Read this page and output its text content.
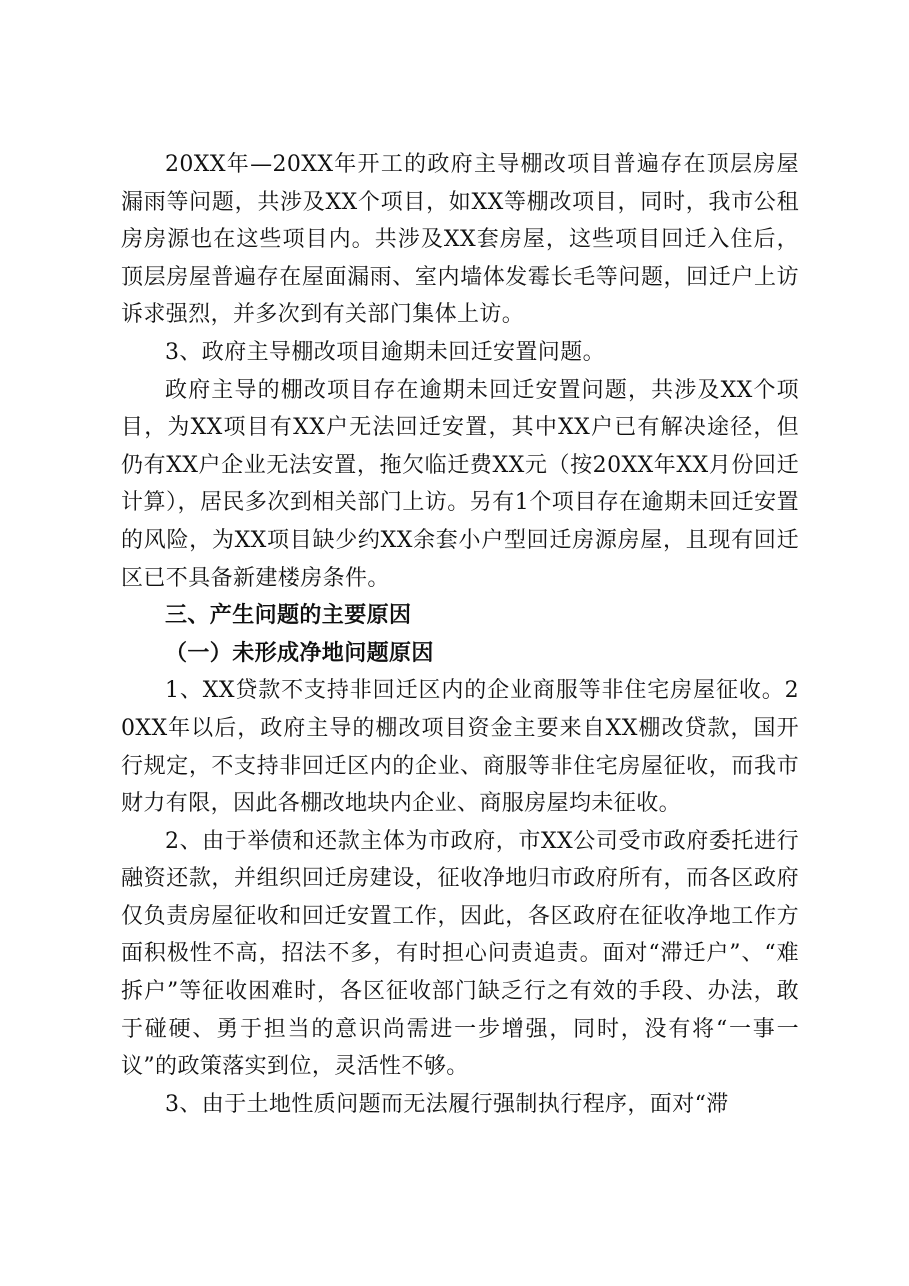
20XX年—20XX年开工的政府主导棚改项目普遍存在顶层房屋漏雨等问题，共涉及XX个项目，如XX等棚改项目，同时，我市公租房房源也在这些项目内。共涉及XX套房屋，这些项目回迁入住后，顶层房屋普遍存在屋面漏雨、室内墙体发霉长毛等问题，回迁户上访诉求强烈，并多次到有关部门集体上访。

3、政府主导棚改项目逾期未回迁安置问题。

政府主导的棚改项目存在逾期未回迁安置问题，共涉及XX个项目，为XX项目有XX户无法回迁安置，其中XX户已有解决途径，但仍有XX户企业无法安置，拖欠临迁费XX元（按20XX年XX月份回迁计算），居民多次到相关部门上访。另有1个项目存在逾期未回迁安置的风险，为XX项目缺少约XX余套小户型回迁房源房屋，且现有回迁区已不具备新建楼房条件。

三、产生问题的主要原因

（一）未形成净地问题原因

1、XX贷款不支持非回迁区内的企业商服等非住宅房屋征收。20XX年以后，政府主导的棚改项目资金主要来自XX棚改贷款，国开行规定，不支持非回迁区内的企业、商服等非住宅房屋征收，而我市财力有限，因此各棚改地块内企业、商服房屋均未征收。

2、由于举债和还款主体为市政府，市XX公司受市政府委托进行融资还款，并组织回迁房建设，征收净地归市政府所有，而各区政府仅负责房屋征收和回迁安置工作，因此，各区政府在征收净地工作方面积极性不高，招法不多，有时担心问责追责。面对“滞迁户”、“难拆户”等征收困难时，各区征收部门缺乏行之有效的手段、办法，敢于碰硬、勇于担当的意识尚需进一步增强，同时，没有将“一事一议”的政策落实到位，灵活性不够。

3、由于土地性质问题而无法履行强制执行程序，面对“滞
